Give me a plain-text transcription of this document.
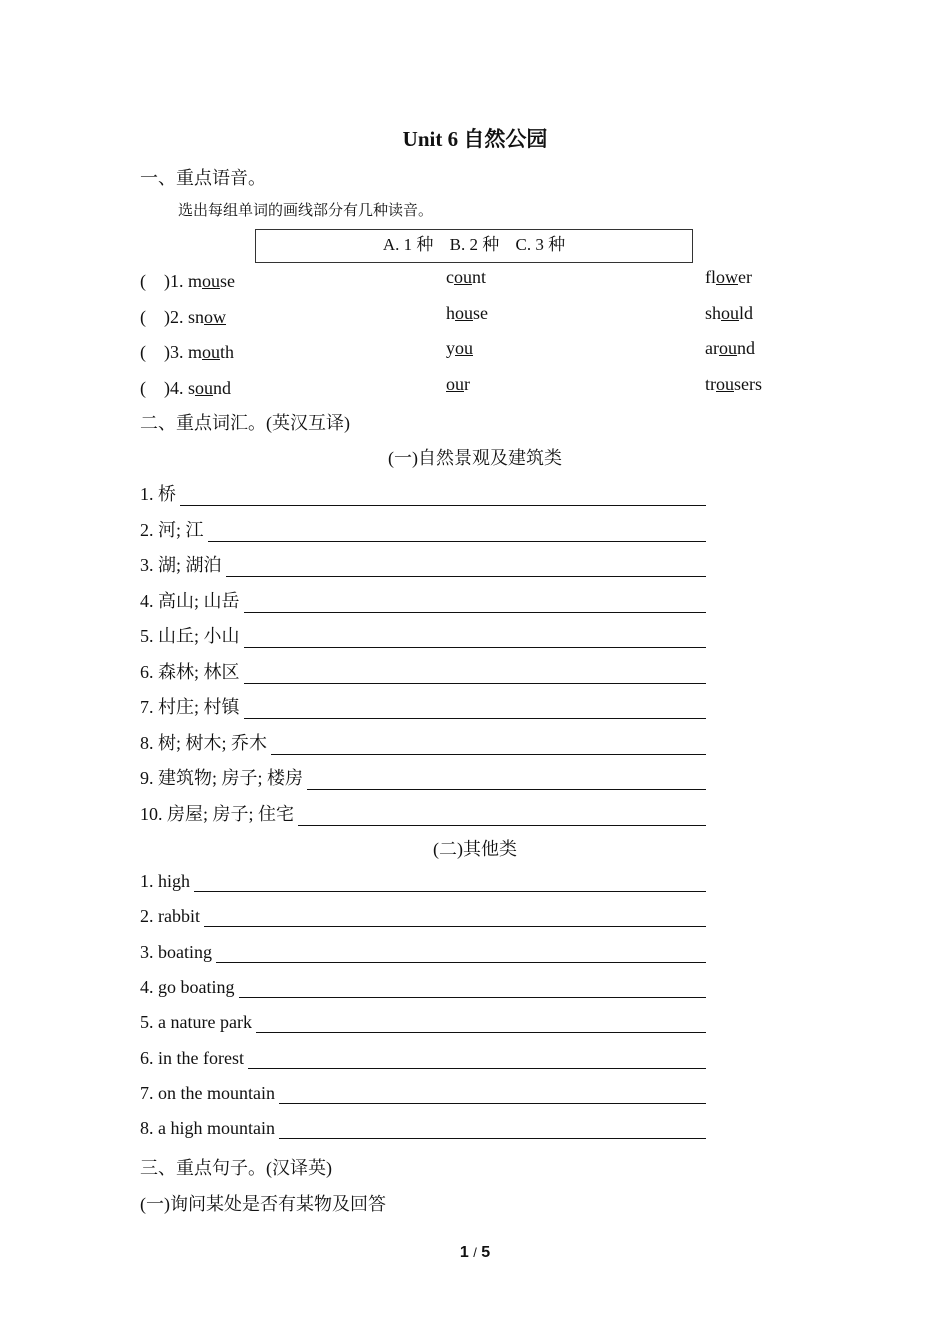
Unit 6 自然公园
一、重点语音。
选出每组单词的画线部分有几种读音。
A. 1 种 B. 2 种 C. 3 种
(　)1. mouse	count	flower
(　)2. snow	house	should
(　)3. mouth	you	around
(　)4. sound	our	trousers
二、重点词汇。(英汉互译)
(一)自然景观及建筑类
1. 桥
2. 河; 江
3. 湖; 湖泊
4. 高山; 山岳
5. 山丘; 小山
6. 森林; 林区
7. 村庄; 村镇
8. 树; 树木; 乔木
9. 建筑物; 房子; 楼房
10. 房屋; 房子; 住宅
(二)其他类
1. high
2. rabbit
3. boating
4. go boating
5. a nature park
6. in the forest
7. on the mountain
8. a high mountain
三、重点句子。(汉译英)
(一)询问某处是否有某物及回答
1 / 5
